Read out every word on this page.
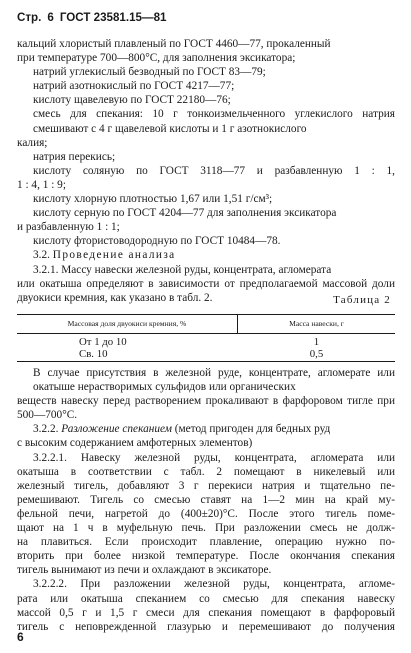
Стр. 6 ГОСТ 23581.15—81
кальций хлористый плавленый по ГОСТ 4460—77, прокаленный
при температуре 700—800°С, для заполнения эксикатора;
натрий углекислый безводный по ГОСТ 83—79;
натрий азотнокислый по ГОСТ 4217—77;
кислоту щавелевую по ГОСТ 22180—76;
смесь для спекания: 10 г тонкоизмельченного углекислого натрия смешивают с 4 г щавелевой кислоты и 1 г азотнокислого
калия;
натрия перекись;
кислоту соляную по ГОСТ 3118—77 и разбавленную 1 : 1,
1 : 4, 1 : 9;
кислоту хлорную плотностью 1,67 или 1,51 г/см³;
кислоту серную по ГОСТ 4204—77 для заполнения эксикатора
и разбавленную 1 : 1;
кислоту фтористоводородную по ГОСТ 10484—78.
3.2. Проведение анализа
3.2.1. Массу навески железной руды, концентрата, агломерата
или окатыша определяют в зависимости от предполагаемой массовой доли двуокиси кремния, как указано в табл. 2.	Таблица 2
Массовая доля двуокиси кремния, %	Масса навески, г
От 1 до 10	1
Св. 10	0,5
В случае присутствия в железной руде, концентрате, агломерате или окатыше нерастворимых сульфидов или органических
веществ навеску перед растворением прокаливают в фарфоровом тигле при 500—700°С.
3.2.2. Разложение спеканием (метод пригоден для бедных руд
с высоким содержанием амфотерных элементов)
3.2.2.1. Навеску железной руды, концентрата, агломерата или
окатыша в соответствии с табл. 2 помещают в никелевый или
железный тигель, добавляют 3 г перекиси натрия и тщательно пе-
ремешивают. Тигель со смесью ставят на 1—2 мин на край му-
фельной печи, нагретой до (400±20)°С. После этого тигель поме-
щают на 1 ч в муфельную печь. При разложении смесь не долж-
на плавиться. Если происходит плавление, операцию нужно по-
вторить при более низкой температуре. После окончания спекания
тигель вынимают из печи и охлаждают в эксикаторе.
3.2.2.2. При разложении железной руды, концентрата, агломе-
рата или окатыша спеканием со смесью для спекания навеску
массой 0,5 г и 1,5 г смеси для спекания помещают в фарфоровый
тигель с неповрежденной глазурью и перемешивают до получения
6
